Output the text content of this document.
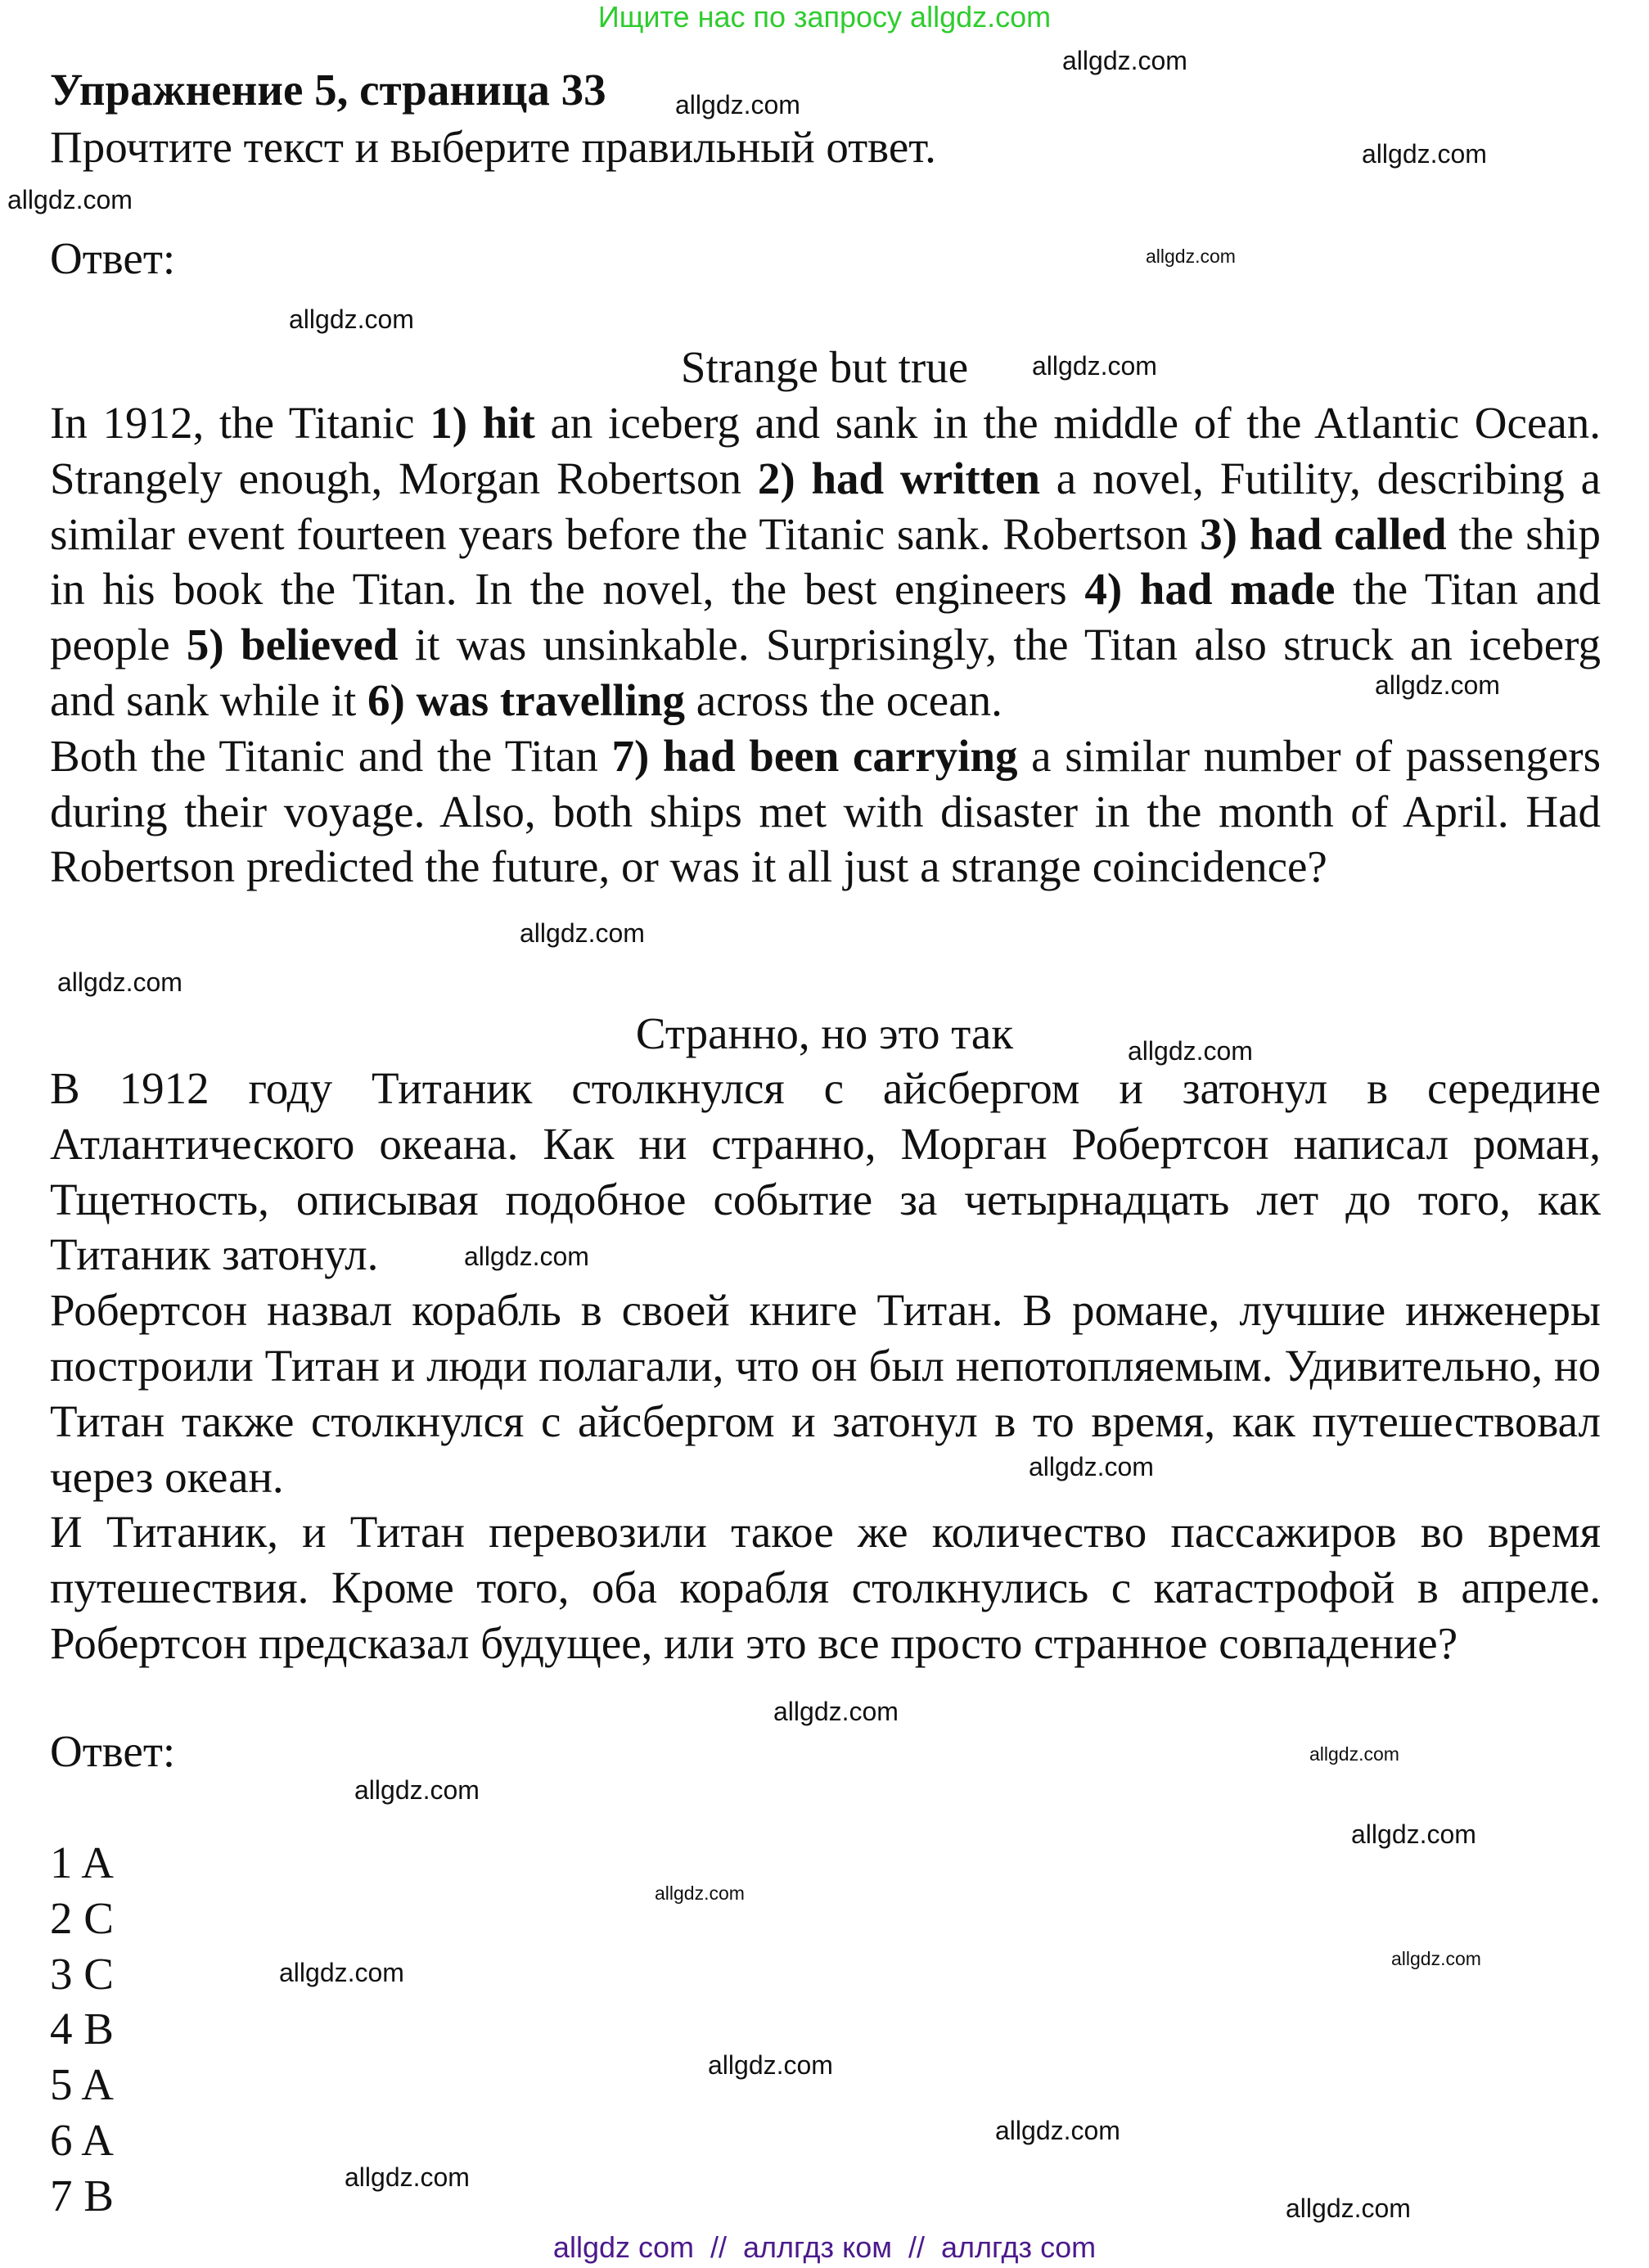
Ищите нас по запросу allgdz.com
Упражнение 5, страница 33
Прочтите текст и выберите правильный ответ.
Ответ:
Strange but true

In 1912, the Titanic 1) hit an iceberg and sank in the middle of the Atlantic Ocean. Strangely enough, Morgan Robertson 2) had written a novel, Futility, describing a similar event fourteen years before the Titanic sank. Robertson 3) had called the ship in his book the Titan. In the novel, the best engineers 4) had made the Titan and people 5) believed it was unsinkable. Surprisingly, the Titan also struck an iceberg and sank while it 6) was travelling across the ocean.

Both the Titanic and the Titan 7) had been carrying a similar number of passengers during their voyage. Also, both ships met with disaster in the month of April. Had Robertson predicted the future, or was it all just a strange coincidence?

Странно, но это так

В 1912 году Титаник столкнулся с айсбергом и затонул в середине Атлантического океана. Как ни странно, Морган Робертсон написал роман, Тщетность, описывая подобное событие за четырнадцать лет до того, как Титаник затонул.

Робертсон назвал корабль в своей книге Титан. В романе, лучшие инженеры построили Титан и люди полагали, что он был непотопляемым. Удивительно, но Титан также столкнулся с айсбергом и затонул в то время, как путешествовал через океан.

И Титаник, и Титан перевозили такое же количество пассажиров во время путешествия. Кроме того, оба корабля столкнулись с катастрофой в апреле. Робертсон предсказал будущее, или это все просто странное совпадение?

Ответ:
1 A
2 C
3 C
4 B
5 A
6 A
7 B
allgdz.com
allgdz.com
allgdz.com
allgdz.com
allgdz.com
allgdz.com
allgdz.com
allgdz.com
allgdz.com
allgdz.com
allgdz.com
allgdz.com
allgdz.com
allgdz.com
allgdz.com
allgdz.com
allgdz.com
allgdz.com
allgdz.com
allgdz.com
allgdz.com
allgdz.com
allgdz.com
allgdz.com
allgdz com  //  аллгдз ком  //  аллгдз com
